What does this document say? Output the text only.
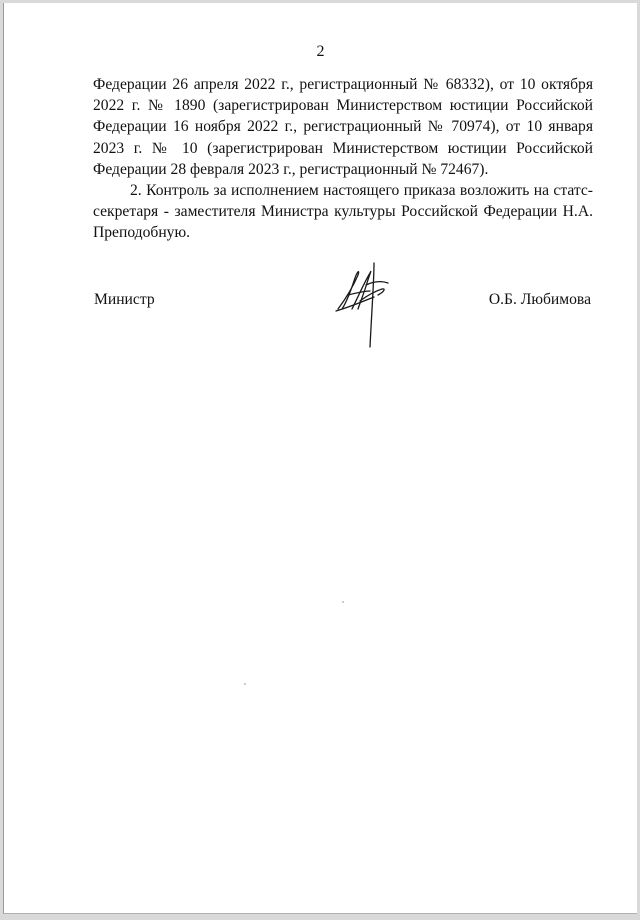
2

Федерации 26 апреля 2022 г., регистрационный № 68332), от 10 октября 2022 г. № 1890 (зарегистрирован Министерством юстиции Российской Федерации 16 ноября 2022 г., регистрационный № 70974), от 10 января 2023 г. № 10 (зарегистрирован Министерством юстиции Российской Федерации 28 февраля 2023 г., регистрационный № 72467).

2. Контроль за исполнением настоящего приказа возложить на статс-секретаря - заместителя Министра культуры Российской Федерации Н.А. Преподобную.

Министр	О.Б. Любимова
